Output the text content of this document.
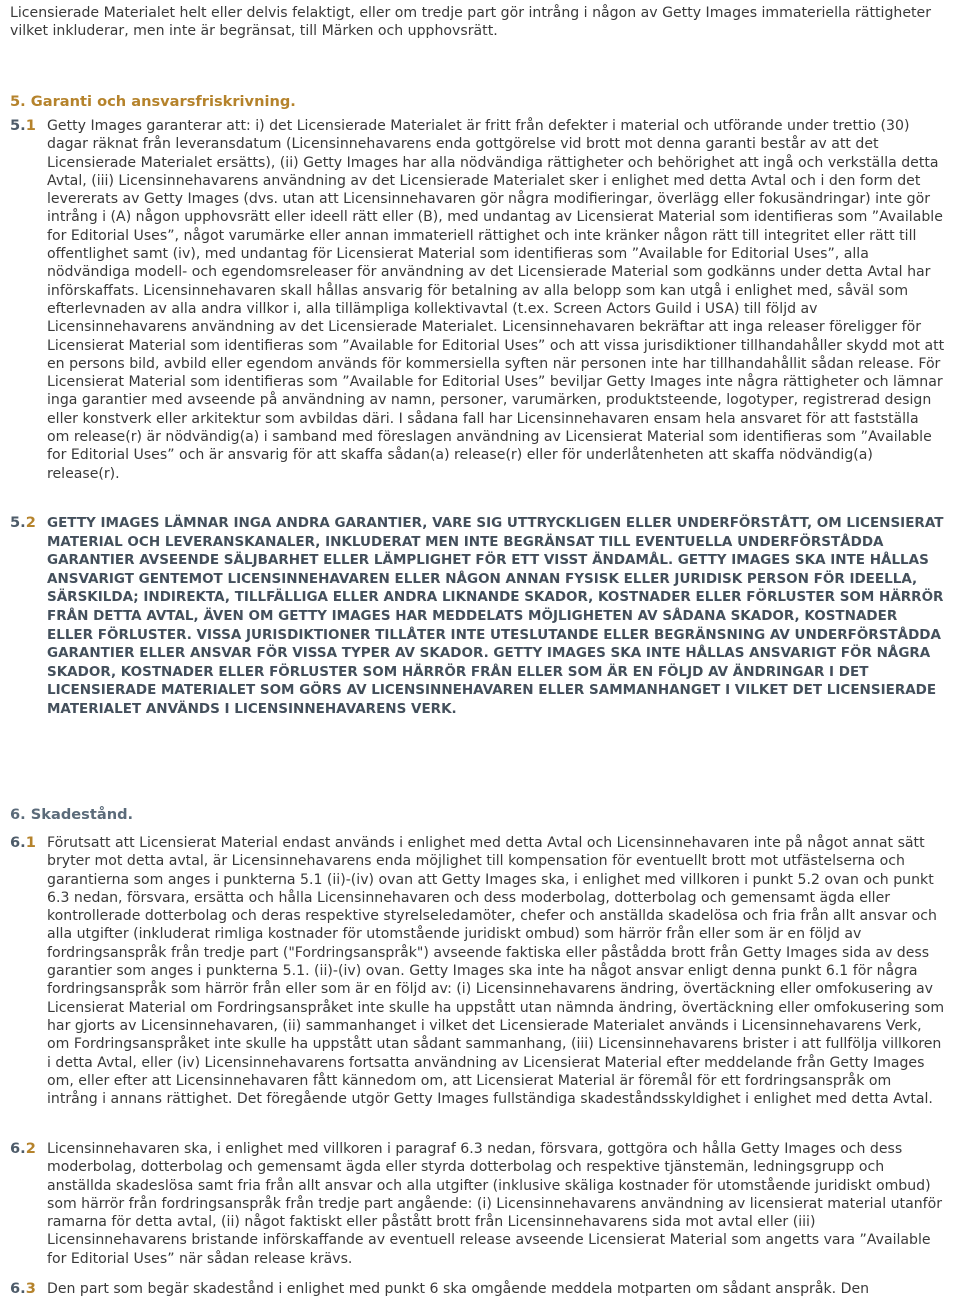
Licensierade Materialet helt eller delvis felaktigt, eller om tredje part gör intrång i någon av Getty Images immateriella rättigheter vilket inkluderar, men inte är begränsat, till Märken och upphovsrätt.

5. Garanti och ansvarsfriskrivning.

5.1 Getty Images garanterar att: i) det Licensierade Materialet är fritt från defekter i material och utförande under trettio (30) dagar räknat från leveransdatum (Licensinnehavarens enda gottgörelse vid brott mot denna garanti består av att det Licensierade Materialet ersätts), (ii) Getty Images har alla nödvändiga rättigheter och behörighet att ingå och verkställa detta Avtal, (iii) Licensinnehavarens användning av det Licensierade Materialet sker i enlighet med detta Avtal och i den form det levererats av Getty Images (dvs. utan att Licensinnehavaren gör några modifieringar, överlägg eller fokusändringar) inte gör intrång i (A) någon upphovsrätt eller ideell rätt eller (B), med undantag av Licensierat Material som identifieras som ”Available for Editorial Uses”, något varumärke eller annan immateriell rättighet och inte kränker någon rätt till integritet eller rätt till offentlighet samt (iv), med undantag för Licensierat Material som identifieras som ”Available for Editorial Uses”, alla nödvändiga modell- och egendomsreleaser för användning av det Licensierade Material som godkänns under detta Avtal har införskaffats. Licensinnehavaren skall hållas ansvarig för betalning av alla belopp som kan utgå i enlighet med, såväl som efterlevnaden av alla andra villkor i, alla tillämpliga kollektivavtal (t.ex. Screen Actors Guild i USA) till följd av Licensinnehavarens användning av det Licensierade Materialet. Licensinnehavaren bekräftar att inga releaser föreligger för Licensierat Material som identifieras som ”Available for Editorial Uses” och att vissa jurisdiktioner tillhandahåller skydd mot att en persons bild, avbild eller egendom används för kommersiella syften när personen inte har tillhandahållit sådan release. För Licensierat Material som identifieras som ”Available for Editorial Uses” beviljar Getty Images inte några rättigheter och lämnar inga garantier med avseende på användning av namn, personer, varumärken, produktsteende, logotyper, registrerad design eller konstverk eller arkitektur som avbildas däri. I sådana fall har Licensinnehavaren ensam hela ansvaret för att fastställa om release(r) är nödvändig(a) i samband med föreslagen användning av Licensierat Material som identifieras som ”Available for Editorial Uses” och är ansvarig för att skaffa sådan(a) release(r) eller för underlåtenheten att skaffa nödvändig(a) release(r).

5.2 GETTY IMAGES LÄMNAR INGA ANDRA GARANTIER, VARE SIG UTTRYCKLIGEN ELLER UNDERFÖRSTÅTT, OM LICENSIERAT MATERIAL OCH LEVERANSKANALER, INKLUDERAT MEN INTE BEGRÄNSAT TILL EVENTUELLA UNDERFÖRSTÅDDA GARANTIER AVSEENDE SÄLJBARHET ELLER LÄMPLIGHET FÖR ETT VISST ÄNDAMÅL. GETTY IMAGES SKA INTE HÅLLAS ANSVARIGT GENTEMOT LICENSINNEHAVAREN ELLER NÅGON ANNAN FYSISK ELLER JURIDISK PERSON FÖR IDEELLA, SÄRSKILDA; INDIREKTA, TILLFÄLLIGA ELLER ANDRA LIKNANDE SKADOR, KOSTNADER ELLER FÖRLUSTER SOM HÄRRÖR FRÅN DETTA AVTAL, ÄVEN OM GETTY IMAGES HAR MEDDELATS MÖJLIGHETEN AV SÅDANA SKADOR, KOSTNADER ELLER FÖRLUSTER. VISSA JURISDIKTIONER TILLÅTER INTE UTESLUTANDE ELLER BEGRÄNSNING AV UNDERFÖRSTÅDDA GARANTIER ELLER ANSVAR FÖR VISSA TYPER AV SKADOR. GETTY IMAGES SKA INTE HÅLLAS ANSVARIGT FÖR NÅGRA SKADOR, KOSTNADER ELLER FÖRLUSTER SOM HÄRRÖR FRÅN ELLER SOM ÄR EN FÖLJD AV ÄNDRINGAR I DET LICENSIERADE MATERIALET SOM GÖRS AV LICENSINNEHAVAREN ELLER SAMMANHANGET I VILKET DET LICENSIERADE MATERIALET ANVÄNDS I LICENSINNEHAVARENS VERK.

6. Skadestånd.

6.1 Förutsatt att Licensierat Material endast används i enlighet med detta Avtal och Licensinnehavaren inte på något annat sätt bryter mot detta avtal, är Licensinnehavarens enda möjlighet till kompensation för eventuellt brott mot utfästelserna och garantierna som anges i punkterna 5.1 (ii)-(iv) ovan att Getty Images ska, i enlighet med villkoren i punkt 5.2 ovan och punkt 6.3 nedan, försvara, ersätta och hålla Licensinnehavaren och dess moderbolag, dotterbolag och gemensamt ägda eller kontrollerade dotterbolag och deras respektive styrelseledamöter, chefer och anställda skadelösa och fria från allt ansvar och alla utgifter (inkluderat rimliga kostnader för utomstående juridiskt ombud) som härrör från eller som är en följd av fordringsanspråk från tredje part ("Fordringsanspråk") avseende faktiska eller påstådda brott från Getty Images sida av dess garantier som anges i punkterna 5.1. (ii)-(iv) ovan. Getty Images ska inte ha något ansvar enligt denna punkt 6.1 för några fordringsanspråk som härrör från eller som är en följd av: (i) Licensinnehavarens ändring, övertäckning eller omfokusering av Licensierat Material om Fordringsanspråket inte skulle ha uppstått utan nämnda ändring, övertäckning eller omfokusering som har gjorts av Licensinnehavaren, (ii) sammanhanget i vilket det Licensierade Materialet används i Licensinnehavarens Verk, om Fordringsanspråket inte skulle ha uppstått utan sådant sammanhang, (iii) Licensinnehavarens brister i att fullfölja villkoren i detta Avtal, eller (iv) Licensinnehavarens fortsatta användning av Licensierat Material efter meddelande från Getty Images om, eller efter att Licensinnehavaren fått kännedom om, att Licensierat Material är föremål för ett fordringsanspråk om intrång i annans rättighet. Det föregående utgör Getty Images fullständiga skadeståndsskyldighet i enlighet med detta Avtal.

6.2 Licensinnehavaren ska, i enlighet med villkoren i paragraf 6.3 nedan, försvara, gottgöra och hålla Getty Images och dess moderbolag, dotterbolag och gemensamt ägda eller styrda dotterbolag och respektive tjänstemän, ledningsgrupp och anställda skadeslösa samt fria från allt ansvar och alla utgifter (inklusive skäliga kostnader för utomstående juridiskt ombud) som härrör från fordringsanspråk från tredje part angående: (i) Licensinnehavarens användning av licensierat material utanför ramarna för detta avtal, (ii) något faktiskt eller påstått brott från Licensinnehavarens sida mot avtal eller (iii) Licensinnehavarens bristande införskaffande av eventuell release avseende Licensierat Material som angetts vara ”Available for Editorial Uses” när sådan release krävs.

6.3 Den part som begär skadestånd i enlighet med punkt 6 ska omgående meddela motparten om sådant anspråk. Den
